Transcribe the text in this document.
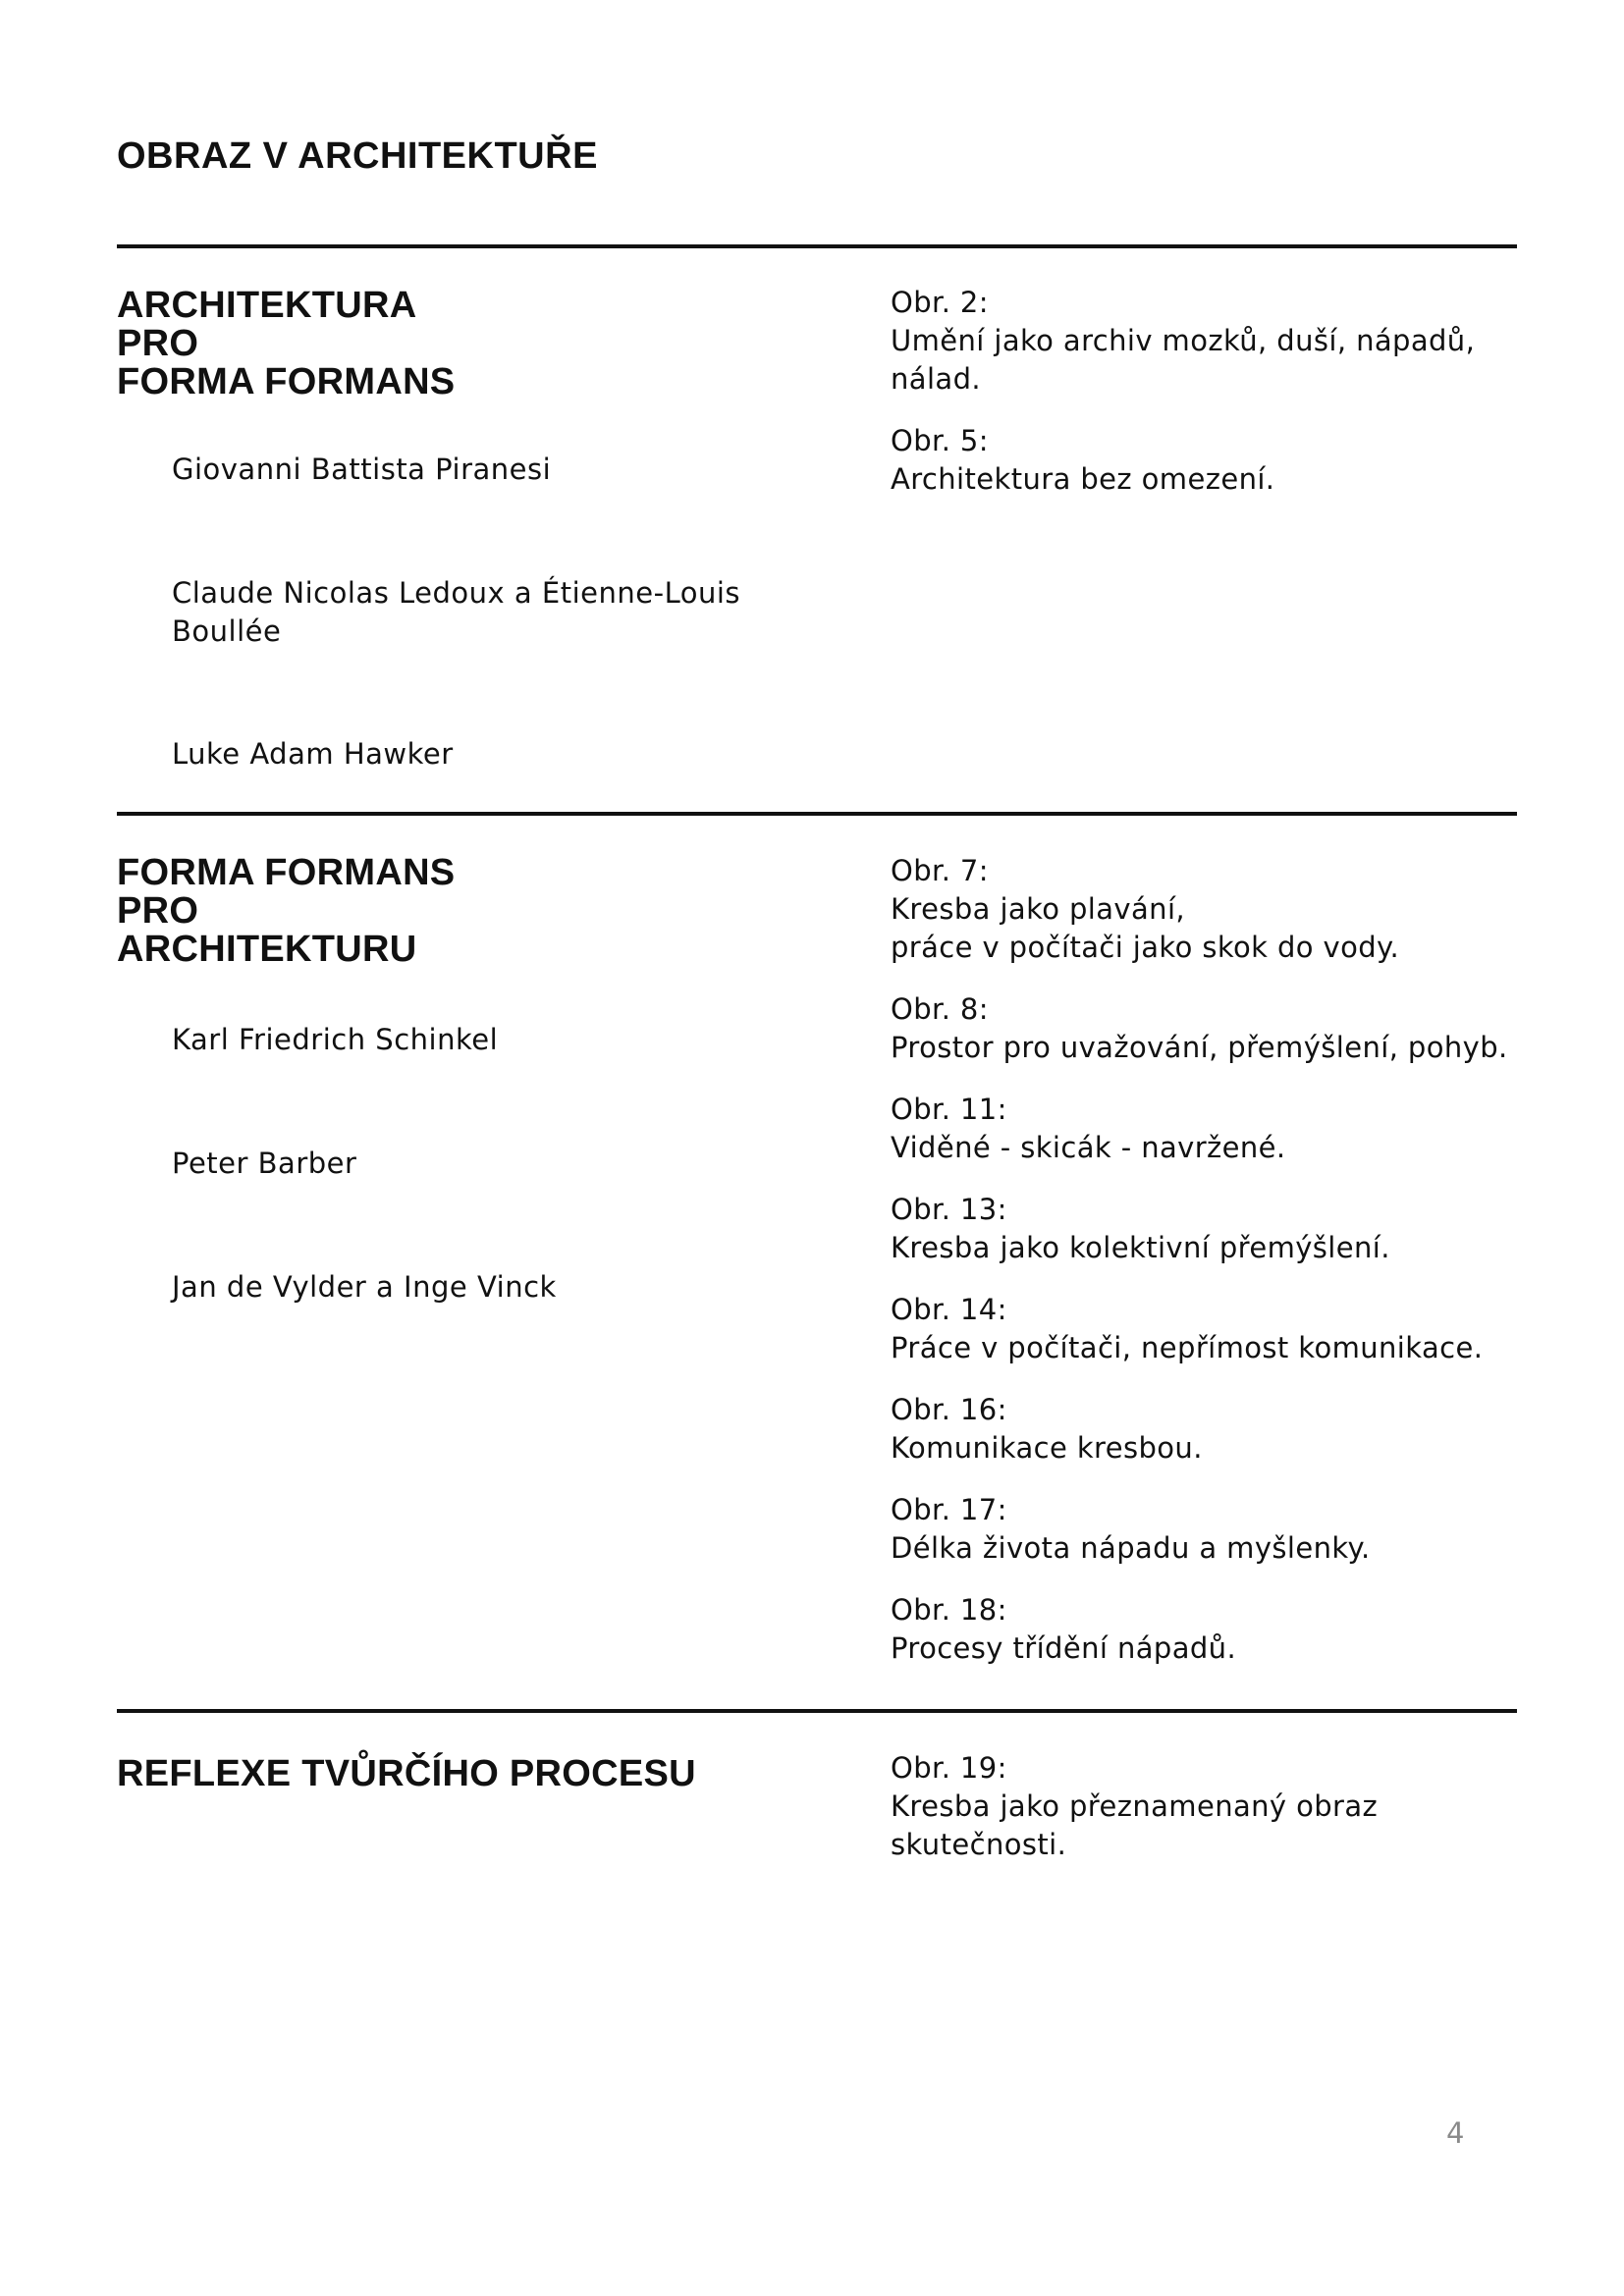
OBRAZ V ARCHITEKTUŘE
ARCHITEKTURA
PRO
FORMA FORMANS
Giovanni Battista Piranesi
Claude Nicolas Ledoux a Étienne-Louis Boullée
Luke Adam Hawker
Obr. 2:
Umění jako archiv mozků, duší, nápadů, nálad.
Obr. 5:
Architektura bez omezení.
FORMA FORMANS
PRO
ARCHITEKTURU
Karl Friedrich Schinkel
Peter Barber
Jan de Vylder a Inge Vinck
Obr. 7:
Kresba jako plavání,
práce v počítači jako skok do vody.
Obr. 8:
Prostor pro uvažování, přemýšlení, pohyb.
Obr. 11:
Viděné - skicák - navržené.
Obr. 13:
Kresba jako kolektivní přemýšlení.
Obr. 14:
Práce v počítači, nepřímost komunikace.
Obr. 16:
Komunikace kresbou.
Obr. 17:
Délka života nápadu a myšlenky.
Obr. 18:
Procesy třídění nápadů.
REFLEXE TVŮRČÍHO PROCESU	Obr. 19:
Kresba jako přeznamenaný obraz
skutečnosti.
4
